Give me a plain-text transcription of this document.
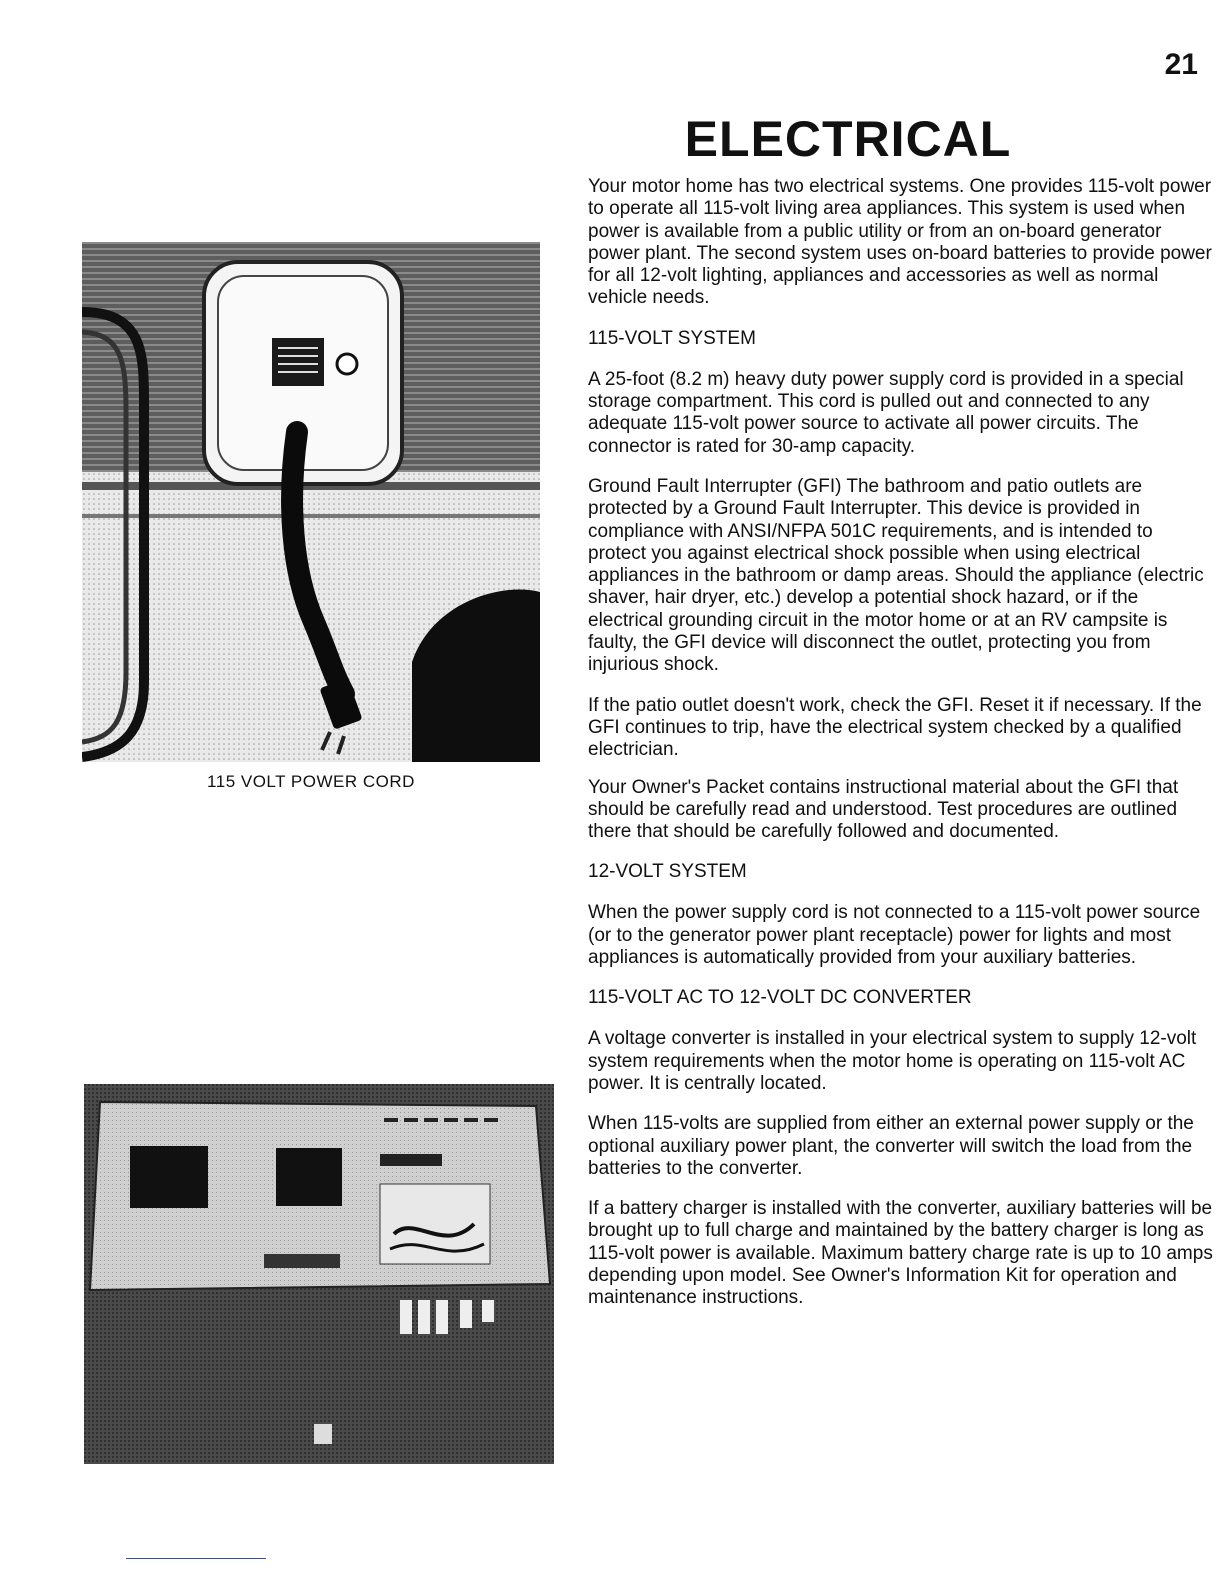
21
ELECTRICAL
115 VOLT POWER CORD

Your motor home has two electrical systems. One provides 115-volt power to operate all 115-volt living area appliances. This system is used when power is available from a public utility or from an on-board generator power plant. The second system uses on-board batteries to provide power for all 12-volt lighting, appliances and accessories as well as normal vehicle needs.

115-VOLT SYSTEM

A 25-foot (8.2 m) heavy duty power supply cord is provided in a special storage compartment. This cord is pulled out and connected to any adequate 115-volt power source to activate all power circuits. The connector is rated for 30-amp capacity.

Ground Fault Interrupter (GFI) The bathroom and patio outlets are protected by a Ground Fault Interrupter. This device is provided in compliance with ANSI/NFPA 501C requirements, and is intended to protect you against electrical shock possible when using electrical appliances in the bathroom or damp areas. Should the appliance (electric shaver, hair dryer, etc.) develop a potential shock hazard, or if the electrical grounding circuit in the motor home or at an RV campsite is faulty, the GFI device will disconnect the outlet, protecting you from injurious shock.

If the patio outlet doesn't work, check the GFI. Reset it if necessary. If the GFI continues to trip, have the electrical system checked by a qualified electrician.

Your Owner's Packet contains instructional material about the GFI that should be carefully read and understood. Test procedures are outlined there that should be carefully followed and documented.

12-VOLT SYSTEM

When the power supply cord is not connected to a 115-volt power source (or to the generator power plant receptacle) power for lights and most appliances is automatically provided from your auxiliary batteries.

115-VOLT AC TO 12-VOLT DC CONVERTER

A voltage converter is installed in your electrical system to supply 12-volt system requirements when the motor home is operating on 115-volt AC power. It is centrally located.

When 115-volts are supplied from either an external power supply or the optional auxiliary power plant, the converter will switch the load from the batteries to the converter.

If a battery charger is installed with the converter, auxiliary batteries will be brought up to full charge and maintained by the battery charger is long as 115-volt power is available. Maximum battery charge rate is up to 10 amps depending upon model. See Owner's Information Kit for operation and maintenance instructions.
